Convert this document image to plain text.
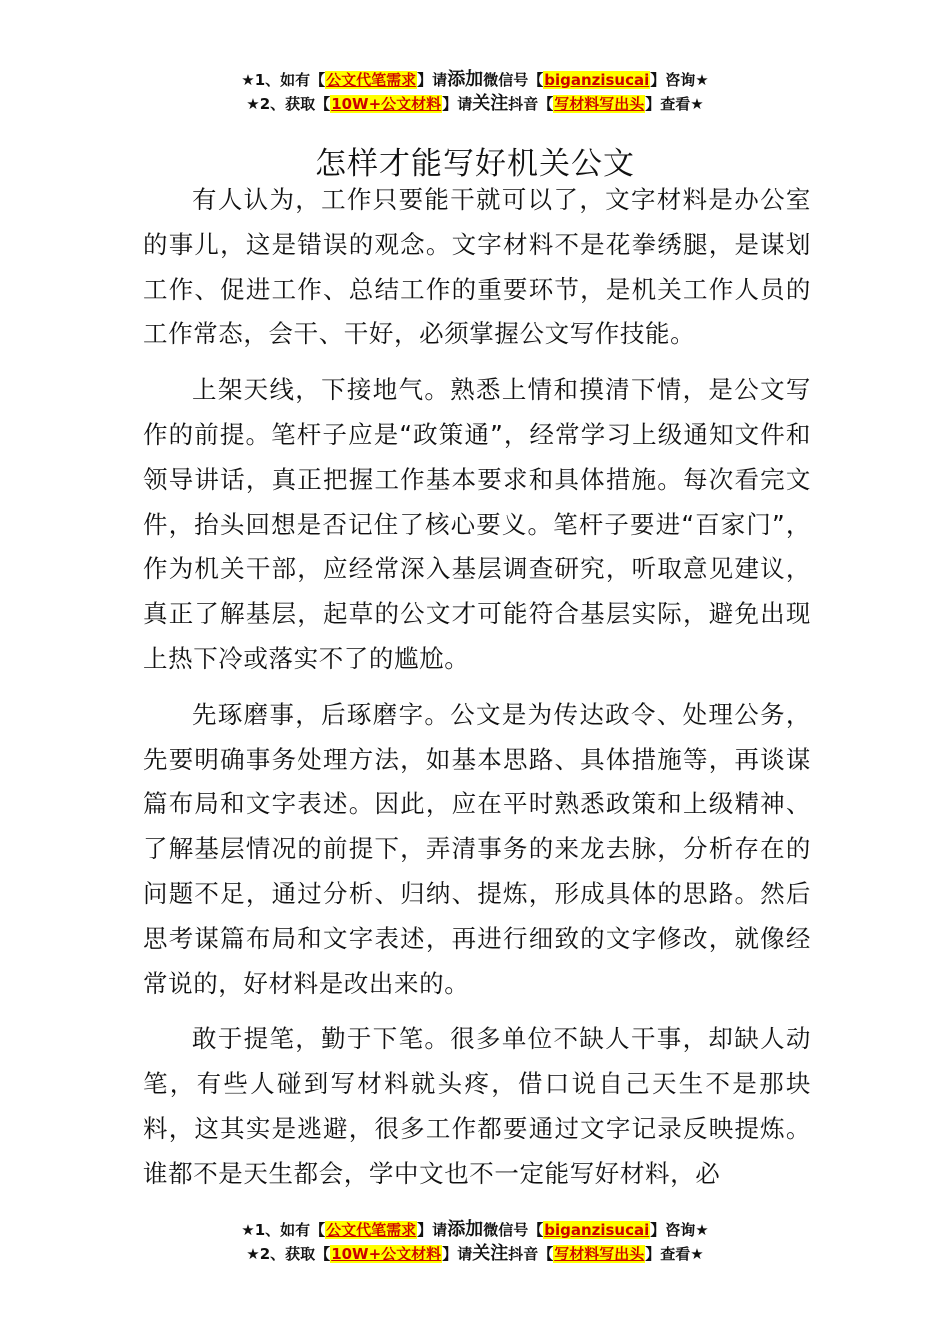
★1、如有【公文代笔需求】请添加微信号【biganzisucai】咨询★
★2、获取【10W+公文材料】请关注抖音【写材料写出头】查看★
怎样才能写好机关公文

有人认为，工作只要能干就可以了，文字材料是办公室的事儿，这是错误的观念。文字材料不是花拳绣腿，是谋划工作、促进工作、总结工作的重要环节，是机关工作人员的工作常态，会干、干好，必须掌握公文写作技能。

上架天线，下接地气。熟悉上情和摸清下情，是公文写作的前提。笔杆子应是“政策通”，经常学习上级通知文件和领导讲话，真正把握工作基本要求和具体措施。每次看完文件，抬头回想是否记住了核心要义。笔杆子要进“百家门”，作为机关干部，应经常深入基层调查研究，听取意见建议，真正了解基层，起草的公文才可能符合基层实际，避免出现上热下冷或落实不了的尴尬。

先琢磨事，后琢磨字。公文是为传达政令、处理公务，先要明确事务处理方法，如基本思路、具体措施等，再谈谋篇布局和文字表述。因此，应在平时熟悉政策和上级精神、了解基层情况的前提下，弄清事务的来龙去脉，分析存在的问题不足，通过分析、归纳、提炼，形成具体的思路。然后思考谋篇布局和文字表述，再进行细致的文字修改，就像经常说的，好材料是改出来的。

敢于提笔，勤于下笔。很多单位不缺人干事，却缺人动笔，有些人碰到写材料就头疼，借口说自己天生不是那块料，这其实是逃避，很多工作都要通过文字记录反映提炼。谁都不是天生都会，学中文也不一定能写好材料，必

★1、如有【公文代笔需求】请添加微信号【biganzisucai】咨询★
★2、获取【10W+公文材料】请关注抖音【写材料写出头】查看★
